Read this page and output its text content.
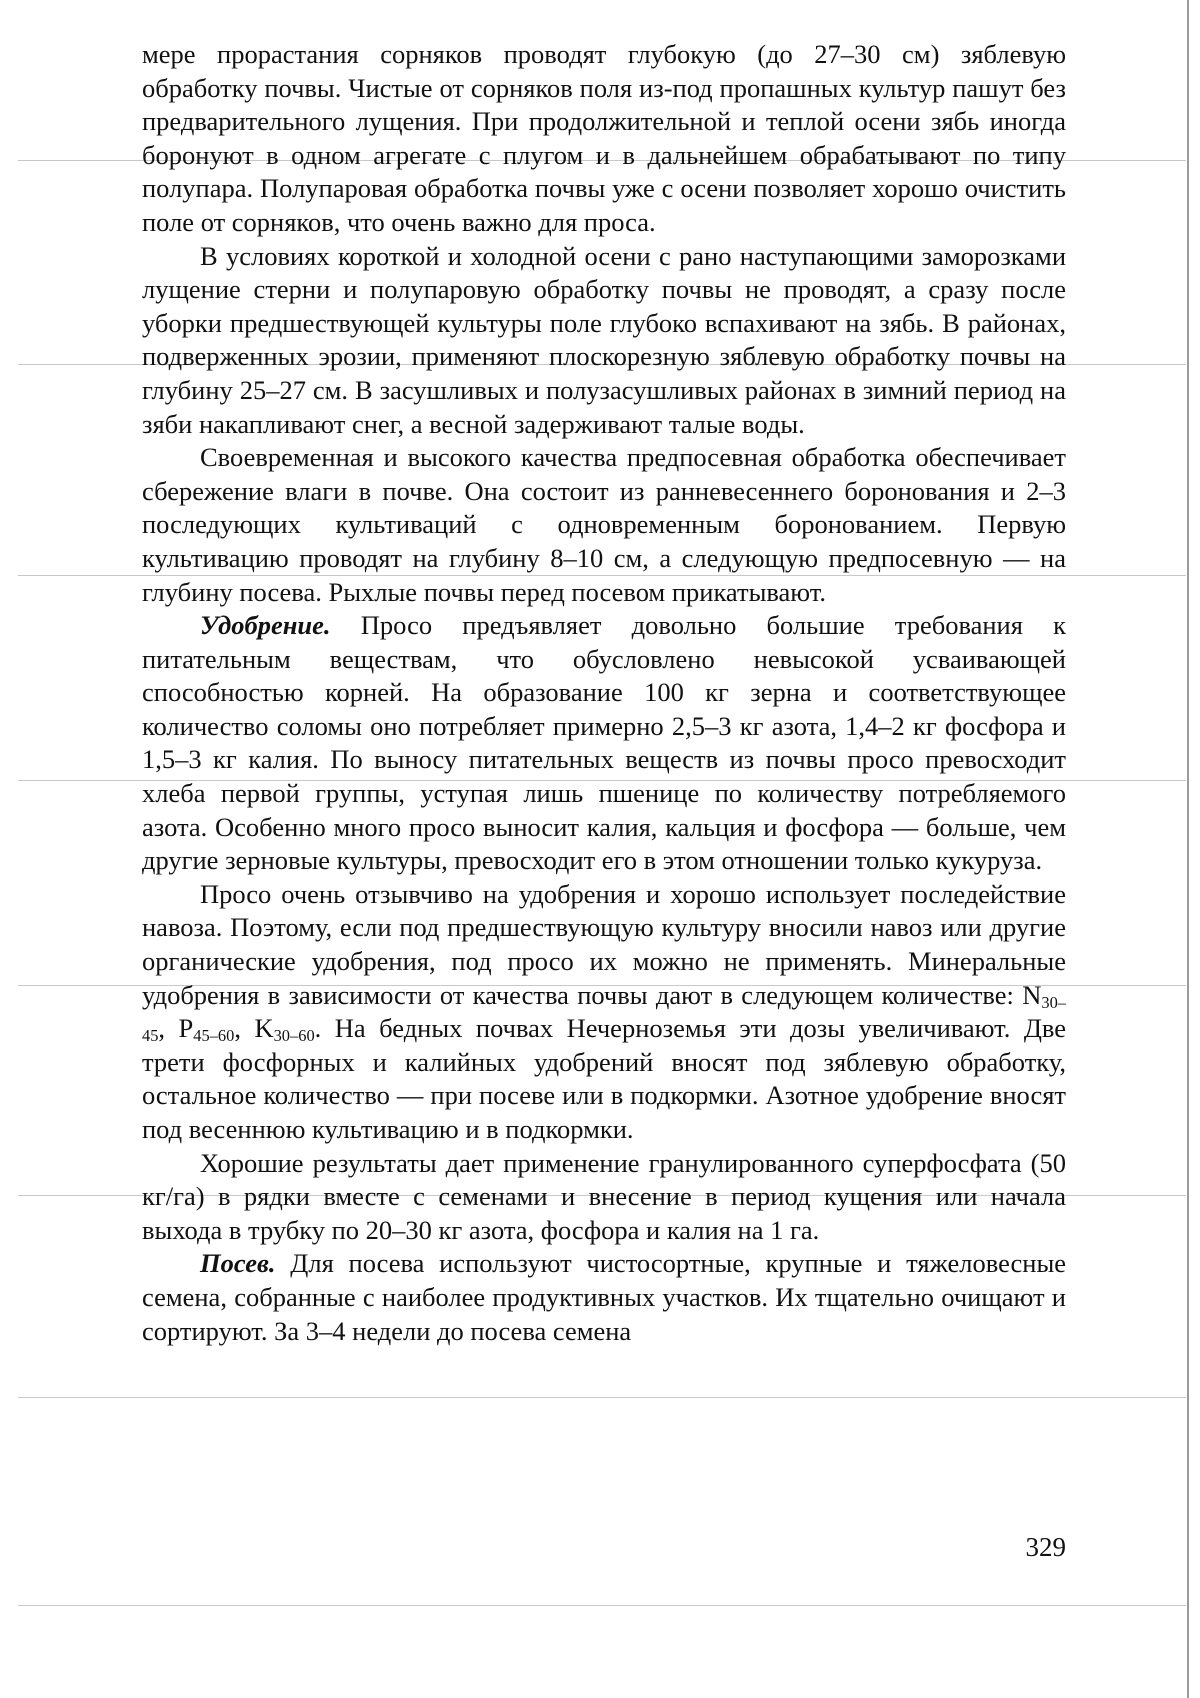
мере прорастания сорняков проводят глубокую (до 27–30 см) зяблевую обработку почвы. Чистые от сорняков поля из-под пропашных культур пашут без предварительного лущения. При продолжительной и теплой осени зябь иногда боронуют в одном агрегате с плугом и в дальнейшем обрабатывают по типу полупара. Полупаровая обработка почвы уже с осени позволяет хорошо очистить поле от сорняков, что очень важно для проса.

В условиях короткой и холодной осени с рано наступающими заморозками лущение стерни и полупаровую обработку почвы не проводят, а сразу после уборки предшествующей культуры поле глубоко вспахивают на зябь. В районах, подверженных эрозии, применяют плоскорезную зяблевую обработку почвы на глубину 25–27 см. В засушливых и полузасушливых районах в зимний период на зяби накапливают снег, а весной задерживают талые воды.

Своевременная и высокого качества предпосевная обработка обеспечивает сбережение влаги в почве. Она состоит из ранневесеннего боронования и 2–3 последующих культиваций с одновременным боронованием. Первую культивацию проводят на глубину 8–10 см, а следующую предпосевную — на глубину посева. Рыхлые почвы перед посевом прикатывают.

Удобрение. Просо предъявляет довольно большие требования к питательным веществам, что обусловлено невысокой усваивающей способностью корней. На образование 100 кг зерна и соответствующее количество соломы оно потребляет примерно 2,5–3 кг азота, 1,4–2 кг фосфора и 1,5–3 кг калия. По выносу питательных веществ из почвы просо превосходит хлеба первой группы, уступая лишь пшенице по количеству потребляемого азота. Особенно много просо выносит калия, кальция и фосфора — больше, чем другие зерновые культуры, превосходит его в этом отношении только кукуруза.

Просо очень отзывчиво на удобрения и хорошо использует последействие навоза. Поэтому, если под предшествующую культуру вносили навоз или другие органические удобрения, под просо их можно не применять. Минеральные удобрения в зависимости от качества почвы дают в следующем количестве: $N_{30-45}$, $P_{45-60}$, $K_{30-60}$. На бедных почвах Нечерноземья эти дозы увеличивают. Две трети фосфорных и калийных удобрений вносят под зяблевую обработку, остальное количество — при посеве или в подкормки. Азотное удобрение вносят под весеннюю культивацию и в подкормки.

Хорошие результаты дает применение гранулированного суперфосфата (50 кг/га) в рядки вместе с семенами и внесение в период кущения или начала выхода в трубку по 20–30 кг азота, фосфора и калия на 1 га.

Посев. Для посева используют чистосортные, крупные и тяжеловесные семена, собранные с наиболее продуктивных участков. Их тщательно очищают и сортируют. За 3–4 недели до посева семена

329
